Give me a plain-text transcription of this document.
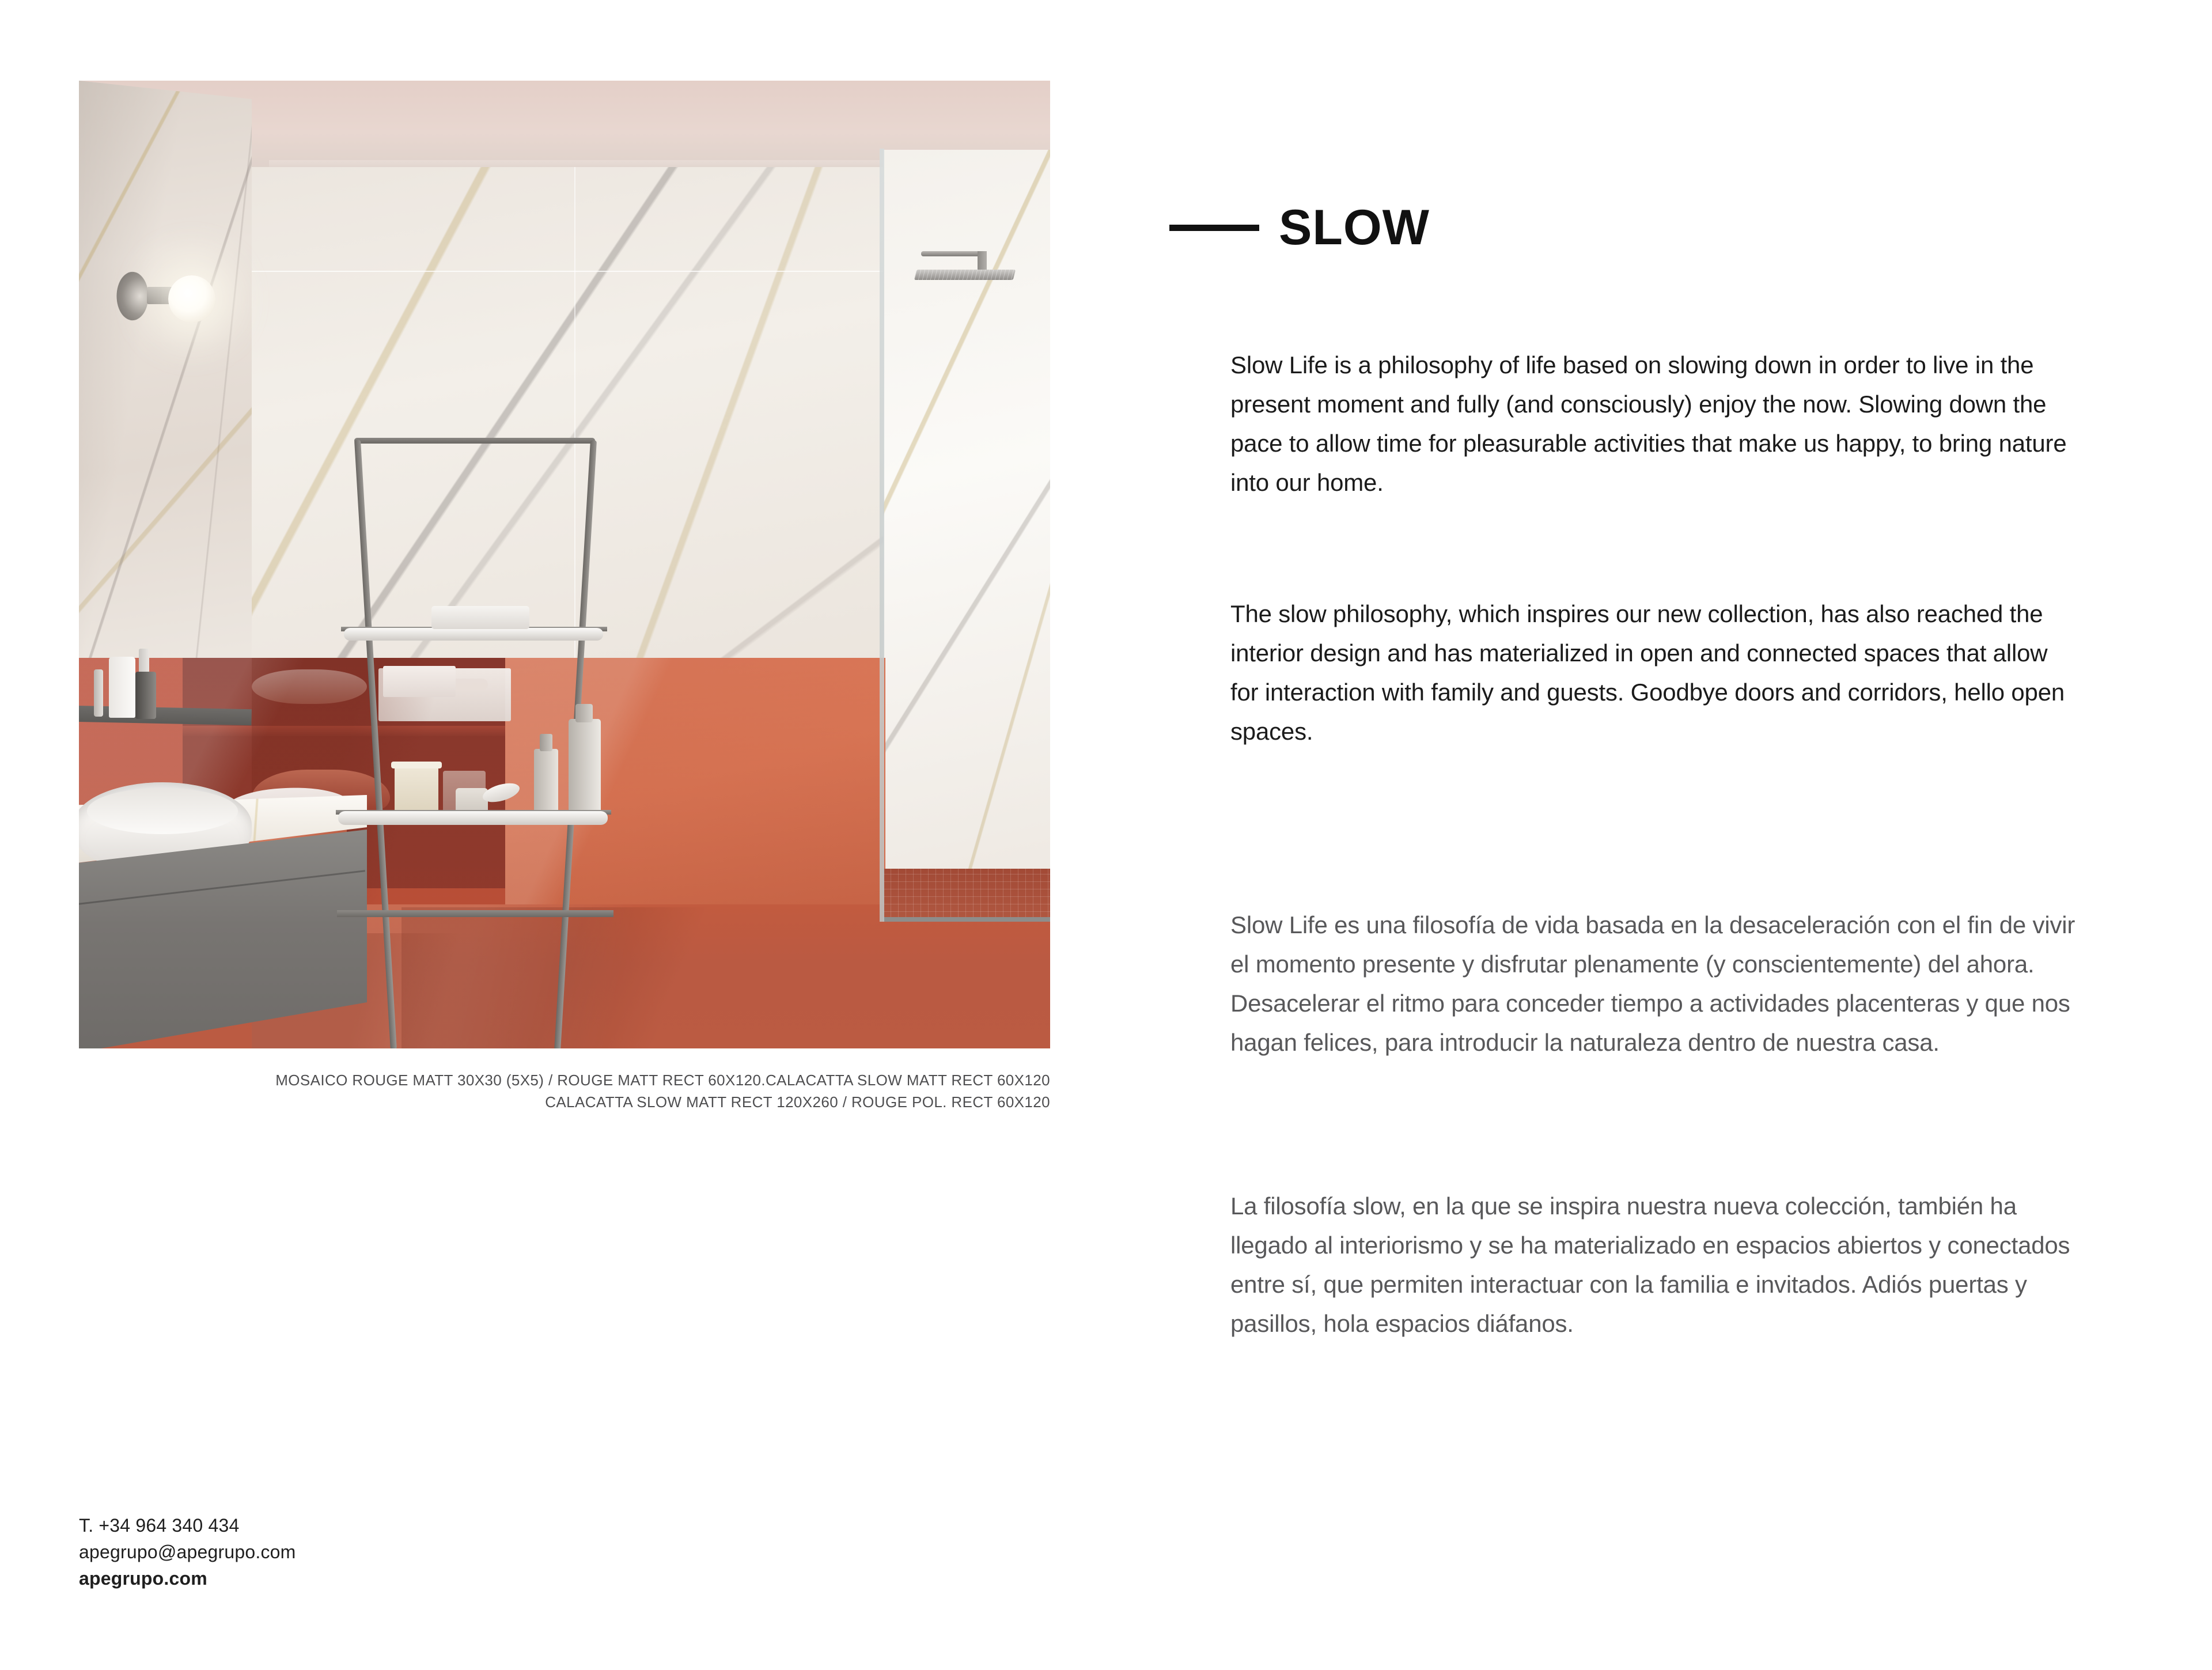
MOSAICO ROUGE MATT 30X30 (5X5) / ROUGE MATT RECT 60X120.CALACATTA SLOW MATT RECT 60X120
CALACATTA SLOW MATT RECT 120X260 / ROUGE POL. RECT 60X120
SLOW

Slow Life is a philosophy of life based on slowing down in order to live in the present moment and fully (and consciously) enjoy the now. Slowing down the pace to allow time for pleasurable activities that make us happy, to bring nature into our home.

The slow philosophy, which inspires our new collection, has also reached the interior design and has materialized in open and connected spaces that allow for interaction with family and guests. Goodbye doors and corridors, hello open spaces.

Slow Life es una filosofía de vida basada en la desaceleración con el fin de vivir el momento presente y disfrutar plenamente (y conscientemente) del ahora. Desacelerar el ritmo para conceder tiempo a actividades placenteras y que nos hagan felices, para introducir la naturaleza dentro de nuestra casa.

La filosofía slow, en la que se inspira nuestra nueva colección, también ha llegado al interiorismo y se ha materializado en espacios abiertos y conectados entre sí, que permiten interactuar con la familia e invitados. Adiós puertas y pasillos, hola espacios diáfanos.

T. +34 964 340 434
apegrupo@apegrupo.com
apegrupo.com
